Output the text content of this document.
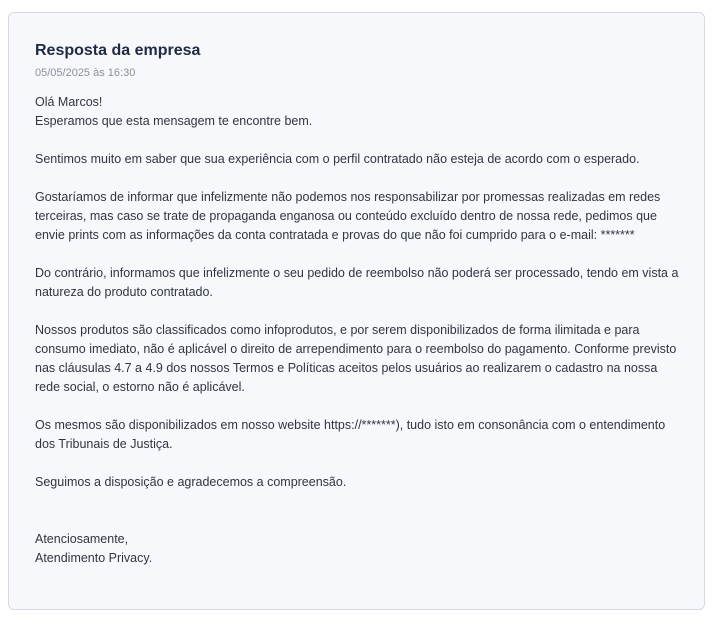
Resposta da empresa
05/05/2025 às 16:30

Olá Marcos!
Esperamos que esta mensagem te encontre bem.

Sentimos muito em saber que sua experiência com o perfil contratado não esteja de acordo com o esperado.

Gostaríamos de informar que infelizmente não podemos nos responsabilizar por promessas realizadas em redes terceiras, mas caso se trate de propaganda enganosa ou conteúdo excluído dentro de nossa rede, pedimos que envie prints com as informações da conta contratada e provas do que não foi cumprido para o e-mail: *******

Do contrário, informamos que infelizmente o seu pedido de reembolso não poderá ser processado, tendo em vista a natureza do produto contratado.

Nossos produtos são classificados como infoprodutos, e por serem disponibilizados de forma ilimitada e para consumo imediato, não é aplicável o direito de arrependimento para o reembolso do pagamento. Conforme previsto nas cláusulas 4.7 a 4.9 dos nossos Termos e Políticas aceitos pelos usuários ao realizarem o cadastro na nossa rede social, o estorno não é aplicável.

Os mesmos são disponibilizados em nosso website https://*******), tudo isto em consonância com o entendimento dos Tribunais de Justiça.

Seguimos a disposição e agradecemos a compreensão.

Atenciosamente,
Atendimento Privacy.
